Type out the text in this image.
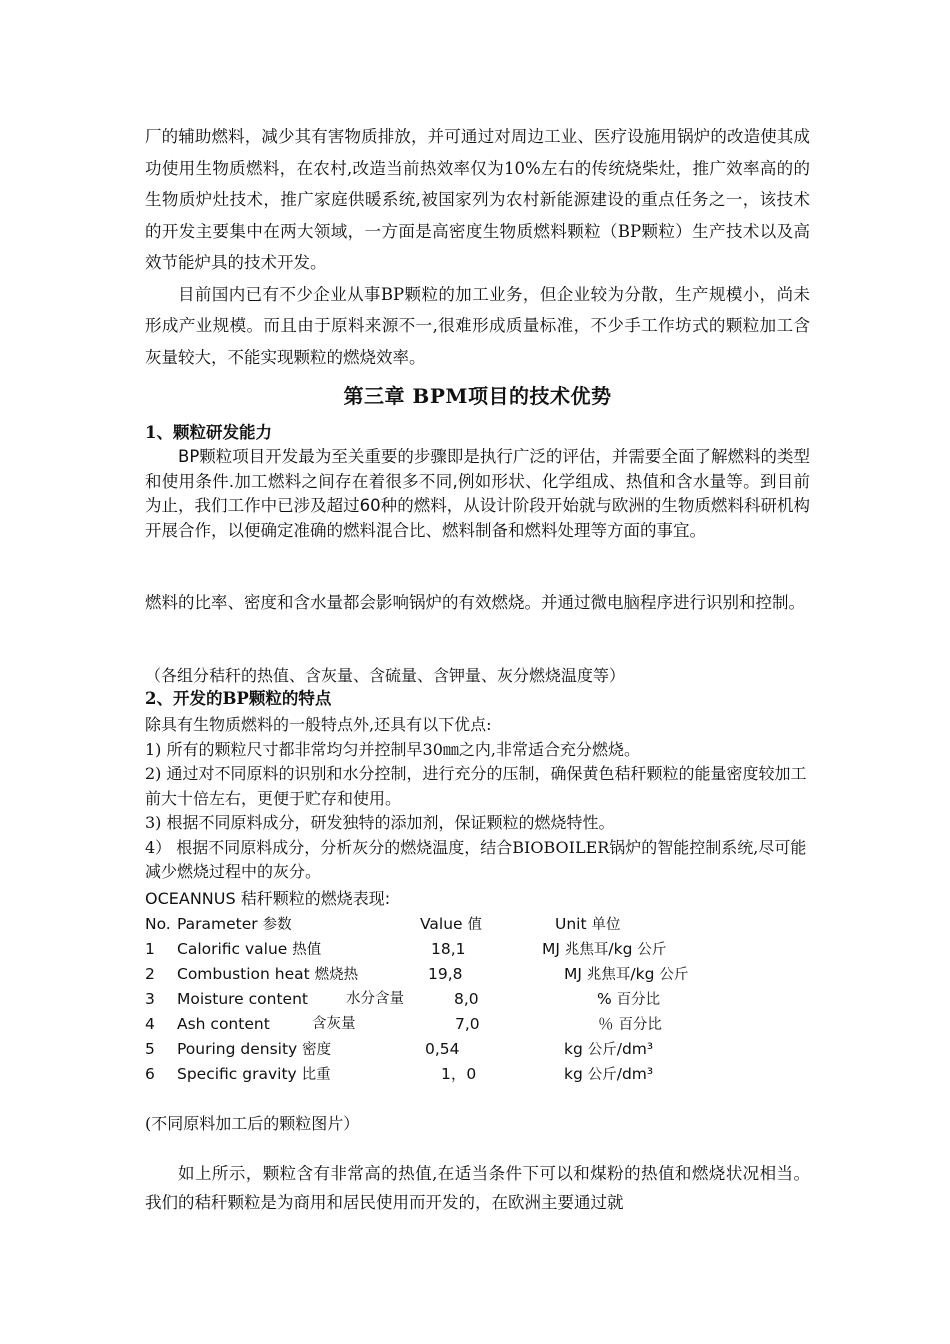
厂的辅助燃料，减少其有害物质排放，并可通过对周边工业、医疗设施用锅炉的改造使其成功使用生物质燃料，在农村,改造当前热效率仅为10%左右的传统烧柴灶，推广效率高的的生物质炉灶技术，推广家庭供暖系统,被国家列为农村新能源建设的重点任务之一，该技术的开发主要集中在两大领域，一方面是高密度生物质燃料颗粒（BP颗粒）生产技术以及高效节能炉具的技术开发。
目前国内已有不少企业从事BP颗粒的加工业务，但企业较为分散，生产规模小，尚未形成产业规模。而且由于原料来源不一,很难形成质量标准，不少手工作坊式的颗粒加工含灰量较大，不能实现颗粒的燃烧效率。
第三章 BPM项目的技术优势
1、颗粒研发能力
BP颗粒项目开发最为至关重要的步骤即是执行广泛的评估，并需要全面了解燃料的类型和使用条件.加工燃料之间存在着很多不同,例如形状、化学组成、热值和含水量等。到目前为止，我们工作中已涉及超过60种的燃料，从设计阶段开始就与欧洲的生物质燃料科研机构开展合作，以便确定准确的燃料混合比、燃料制备和燃料处理等方面的事宜。
燃料的比率、密度和含水量都会影响锅炉的有效燃烧。并通过微电脑程序进行识别和控制。
（各组分秸秆的热值、含灰量、含硫量、含钾量、灰分燃烧温度等）
2、开发的BP颗粒的特点
除具有生物质燃料的一般特点外,还具有以下优点:
1) 所有的颗粒尺寸都非常均匀并控制早30㎜之内,非常适合充分燃烧。
2) 通过对不同原料的识别和水分控制，进行充分的压制，确保黄色秸秆颗粒的能量密度较加工前大十倍左右，更便于贮存和使用。
3) 根据不同原料成分，研发独特的添加剂，保证颗粒的燃烧特性。
4） 根据不同原料成分，分析灰分的燃烧温度，结合BIOBOILER锅炉的智能控制系统,尽可能减少燃烧过程中的灰分。
OCEANNUS 秸秆颗粒的燃烧表现:
No. Parameter 参数	Value 值	Unit 单位
1 Calorific value 热值	18,1	MJ 兆焦耳/kg 公斤
2 Combustion heat 燃烧热	19,8	MJ 兆焦耳/kg 公斤
3 Moisture content	水分含量	8,0	% 百分比
4 Ash content	含灰量	7,0	％ 百分比
5 Pouring density 密度	0,54	kg 公斤/dm³
6 Specific gravity 比重	1，0	kg 公斤/dm³
(不同原料加工后的颗粒图片）
如上所示，颗粒含有非常高的热值,在适当条件下可以和煤粉的热值和燃烧状况相当。我们的秸秆颗粒是为商用和居民使用而开发的，在欧洲主要通过就
